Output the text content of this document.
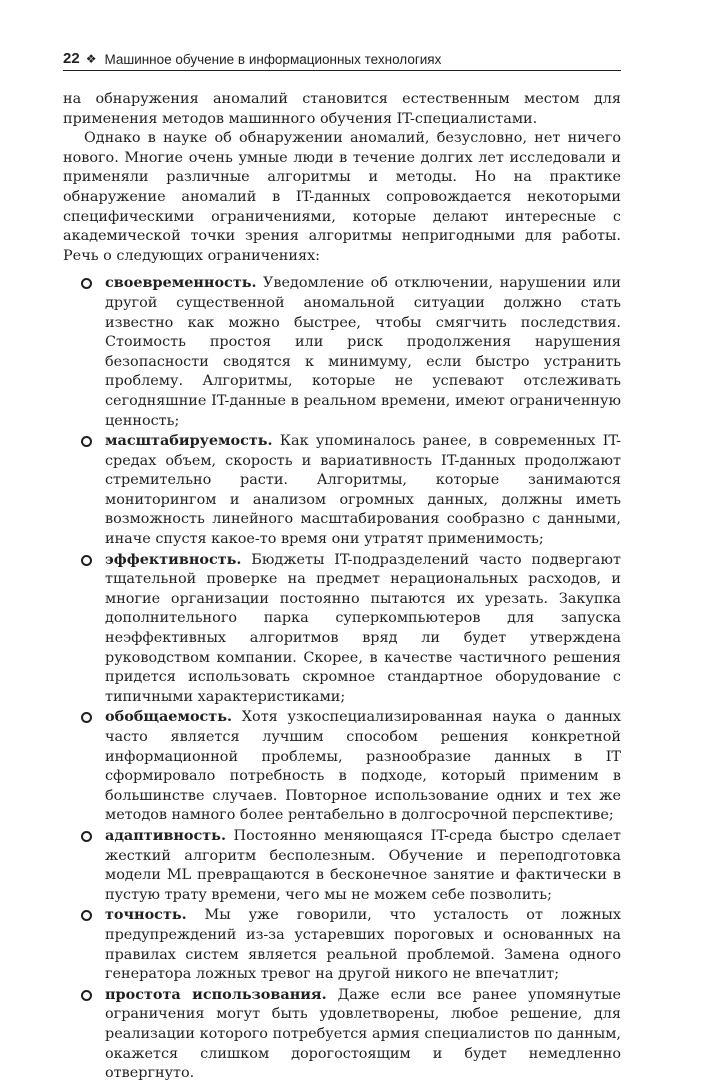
22 ❖ Машинное обучение в информационных технологиях

на обнаружения аномалий становится естественным местом для применения методов машинного обучения IT-специалистами.

Однако в науке об обнаружении аномалий, безусловно, нет ничего нового. Многие очень умные люди в течение долгих лет исследовали и применяли различные алгоритмы и методы. Но на практике обнаружение аномалий в IT-данных сопровождается некоторыми специфическими ограничениями, которые делают интересные с академической точки зрения алгоритмы непригодными для работы. Речь о следующих ограничениях:

своевременность. Уведомление об отключении, нарушении или другой существенной аномальной ситуации должно стать известно как можно быстрее, чтобы смягчить последствия. Стоимость простоя или риск продолжения нарушения безопасности сводятся к минимуму, если быстро устранить проблему. Алгоритмы, которые не успевают отслеживать сегодняшние IT-данные в реальном времени, имеют ограниченную ценность;
масштабируемость. Как упоминалось ранее, в современных IT-средах объем, скорость и вариативность IT-данных продолжают стремительно расти. Алгоритмы, которые занимаются мониторингом и анализом огромных данных, должны иметь возможность линейного масштабирования сообразно с данными, иначе спустя какое-то время они утратят применимость;
эффективность. Бюджеты IT-подразделений часто подвергают тщательной проверке на предмет нерациональных расходов, и многие организации постоянно пытаются их урезать. Закупка дополнительного парка суперкомпьютеров для запуска неэффективных алгоритмов вряд ли будет утверждена руководством компании. Скорее, в качестве частичного решения придется использовать скромное стандартное оборудование с типичными характеристиками;
обобщаемость. Хотя узкоспециализированная наука о данных часто является лучшим способом решения конкретной информационной проблемы, разнообразие данных в IT сформировало потребность в подходе, который применим в большинстве случаев. Повторное использование одних и тех же методов намного более рентабельно в долгосрочной перспективе;
адаптивность. Постоянно меняющаяся IT-среда быстро сделает жесткий алгоритм бесполезным. Обучение и переподготовка модели ML превращаются в бесконечное занятие и фактически в пустую трату времени, чего мы не можем себе позволить;
точность. Мы уже говорили, что усталость от ложных предупреждений из-за устаревших пороговых и основанных на правилах систем является реальной проблемой. Замена одного генератора ложных тревог на другой никого не впечатлит;
простота использования. Даже если все ранее упомянутые ограничения могут быть удовлетворены, любое решение, для реализации которого потребуется армия специалистов по данным, окажется слишком дорогостоящим и будет немедленно отвергнуто.
